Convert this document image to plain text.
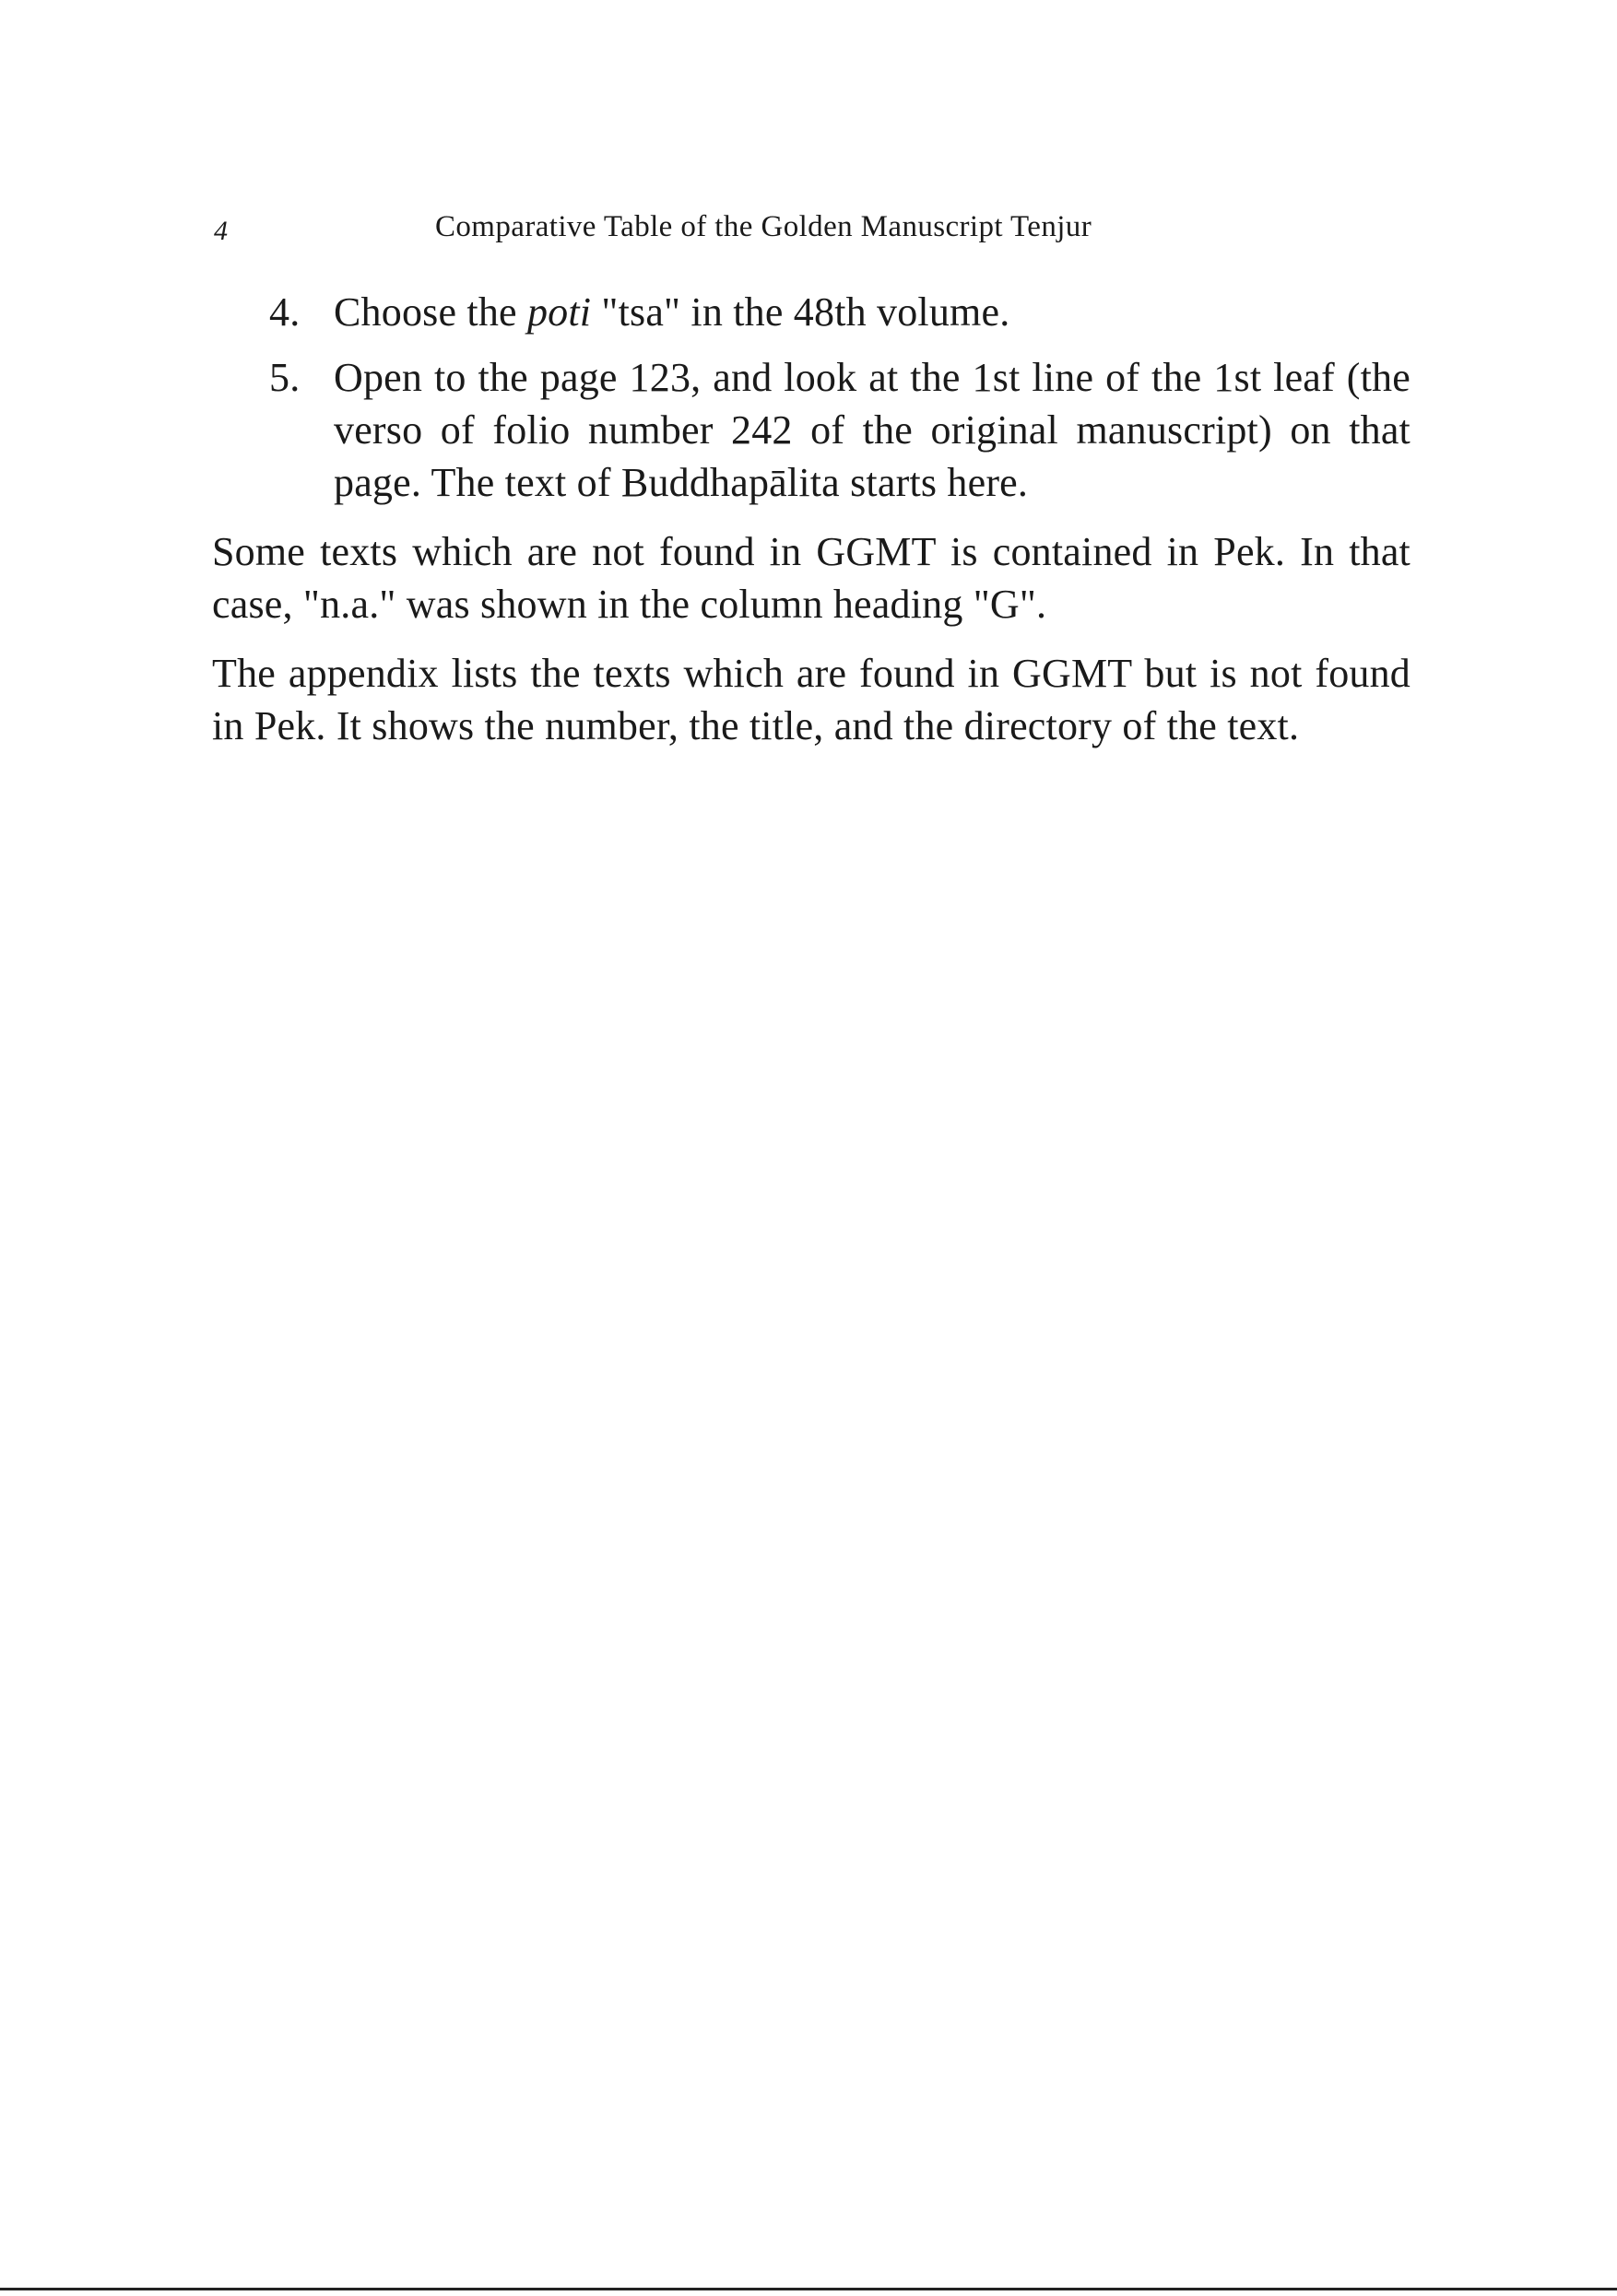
4	Comparative Table of the Golden Manuscript Tenjur
4. Choose the poti "tsa" in the 48th volume.
5. Open to the page 123, and look at the 1st line of the 1st leaf (the verso of folio number 242 of the original manuscript) on that page. The text of Buddhapālita starts here.

Some texts which are not found in GGMT is contained in Pek. In that case, "n.a." was shown in the column heading "G".

The appendix lists the texts which are found in GGMT but is not found in Pek. It shows the number, the title, and the directory of the text.
